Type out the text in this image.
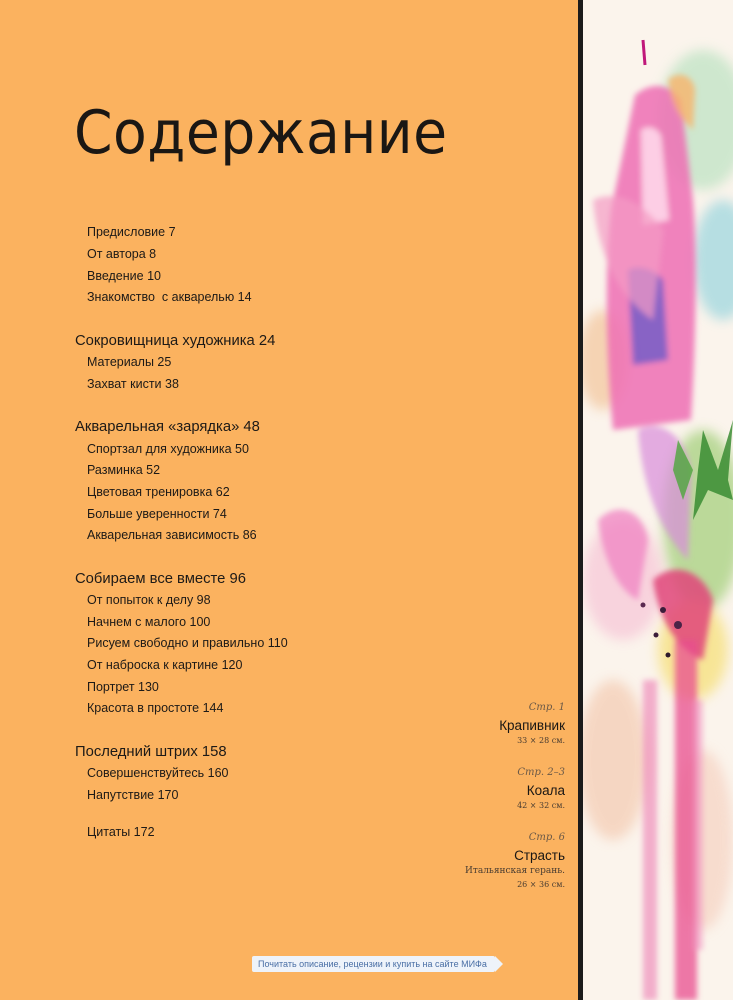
Содержание
Предисловие 7
От автора 8
Введение 10
Знакомство  с акварелью 14
Сокровищница художника 24
Материалы 25
Захват кисти 38
Акварельная «зарядка» 48
Спортзал для художника 50
Разминка 52
Цветовая тренировка 62
Больше уверенности 74
Акварельная зависимость 86
Собираем все вместе 96
От попыток к делу 98
Начнем с малого 100
Рисуем свободно и правильно 110
От наброска к картине 120
Портрет 130
Красота в простоте 144
Последний штрих 158
Совершенствуйтесь 160
Напутствие 170
Цитаты 172
Стр. 1
Крапивник
33 × 28 см.
Стр. 2–3
Коала
42 × 32 см.
Стр. 6
Страсть
Итальянская герань.
26 × 36 см.
Почитать описание, рецензии и купить на сайте МИФа
